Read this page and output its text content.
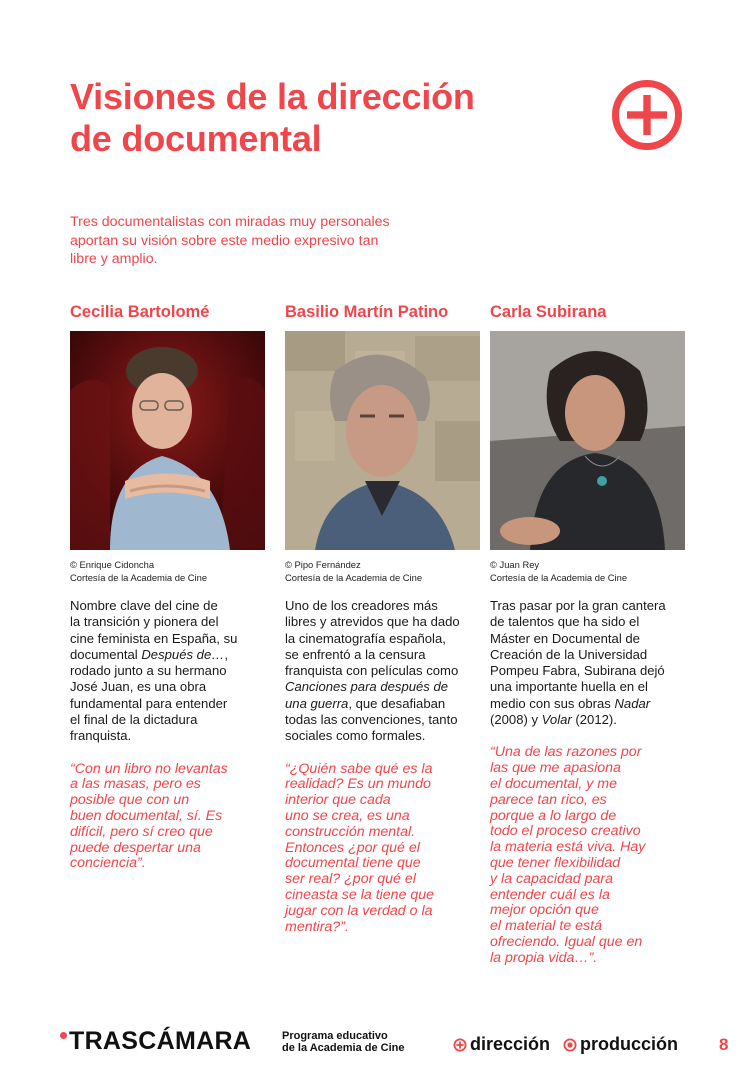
Visiones de la dirección
de documental

Tres documentalistas con miradas muy personales
aportan su visión sobre este medio expresivo tan
libre y amplio.

Cecilia Bartolomé
© Enrique Cidoncha
Cortesía de la Academia de Cine
Nombre clave del cine de
la transición y pionera del
cine feminista en España, su
documental Después de…,
rodado junto a su hermano
José Juan, es una obra
fundamental para entender
el final de la dictadura
franquista.
“Con un libro no levantas
a las masas, pero es
posible que con un
buen documental, sí. Es
difícil, pero sí creo que
puede despertar una
conciencia”.
Basilio Martín Patino
© Pipo Fernández
Cortesía de la Academia de Cine
Uno de los creadores más
libres y atrevidos que ha dado
la cinematografía española,
se enfrentó a la censura
franquista con películas como
Canciones para después de
una guerra, que desafiaban
todas las convenciones, tanto
sociales como formales.
“¿Quién sabe qué es la
realidad? Es un mundo
interior que cada
uno se crea, es una
construcción mental.
Entonces ¿por qué el
documental tiene que
ser real? ¿por qué el
cineasta se la tiene que
jugar con la verdad o la
mentira?”.
Carla Subirana
© Juan Rey
Cortesía de la Academia de Cine
Tras pasar por la gran cantera
de talentos que ha sido el
Máster en Documental de
Creación de la Universidad
Pompeu Fabra, Subirana dejó
una importante huella en el
medio con sus obras Nadar
(2008) y Volar (2012).
“Una de las razones por
las que me apasiona
el documental, y me
parece tan rico, es
porque a lo largo de
todo el proceso creativo
la materia está viva. Hay
que tener flexibilidad
y la capacidad para
entender cuál es la
mejor opción que
el material te está
ofreciendo. Igual que en
la propia vida…”.
TRASCÁMARA	Programa educativo
de la Academia de Cine	dirección producción	8
